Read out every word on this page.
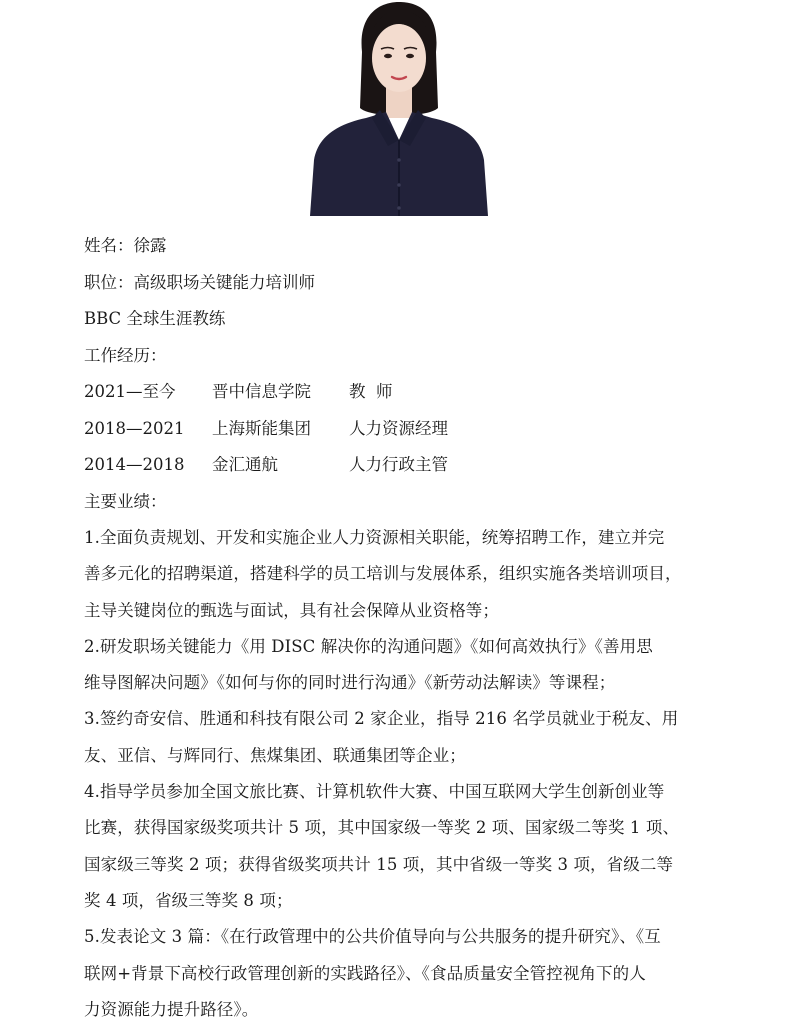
姓名：徐露
职位：高级职场关键能力培训师
BBC 全球生涯教练
工作经历：
2021—至今	晋中信息学院	教  师
2018—2021	上海斯能集团	人力资源经理
2014—2018	金汇通航	人力行政主管
主要业绩：
1.全面负责规划、开发和实施企业人力资源相关职能，统筹招聘工作，建立并完
善多元化的招聘渠道，搭建科学的员工培训与发展体系，组织实施各类培训项目，
主导关键岗位的甄选与面试，具有社会保障从业资格等；
2.研发职场关键能力《用 DISC 解决你的沟通问题》《如何高效执行》《善用思
维导图解决问题》《如何与你的同时进行沟通》《新劳动法解读》等课程；
3.签约奇安信、胜通和科技有限公司 2 家企业，指导 216 名学员就业于税友、用
友、亚信、与辉同行、焦煤集团、联通集团等企业；
4.指导学员参加全国文旅比赛、计算机软件大赛、中国互联网大学生创新创业等
比赛，获得国家级奖项共计 5 项，其中国家级一等奖 2 项、国家级二等奖 1 项、
国家级三等奖 2 项；获得省级奖项共计 15 项，其中省级一等奖 3 项，省级二等
奖 4 项，省级三等奖 8 项；
5.发表论文 3 篇：《在行政管理中的公共价值导向与公共服务的提升研究》、《互
联网+背景下高校行政管理创新的实践路径》、《食品质量安全管控视角下的人
力资源能力提升路径》。
